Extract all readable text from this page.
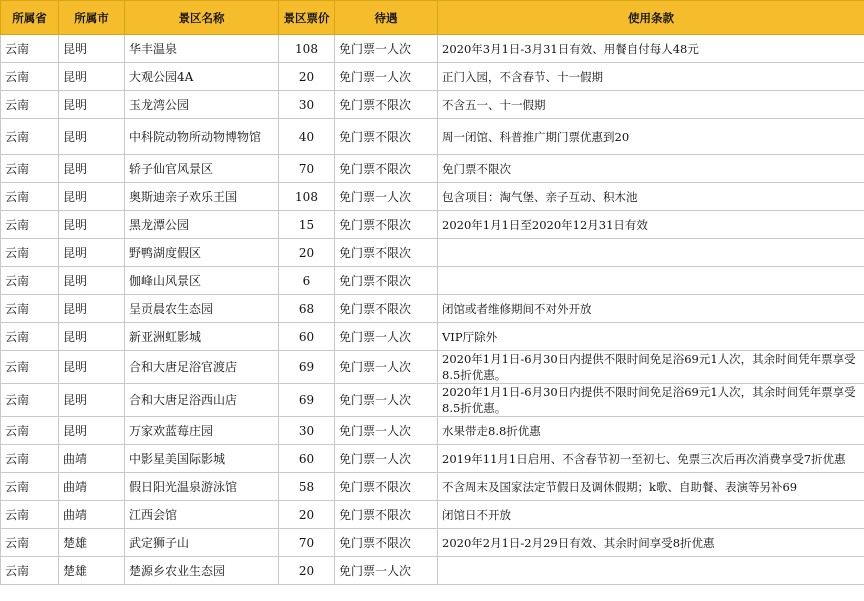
所属省	所属市	景区名称	景区票价	待遇	使用条款
云南	昆明	华丰温泉	108	免门票一人次	2020年3月1日-3月31日有效、用餐自付每人48元
云南	昆明	大观公园4A	20	免门票一人次	正门入园，不含春节、十一假期
云南	昆明	玉龙湾公园	30	免门票不限次	不含五一、十一假期
云南	昆明	中科院动物所动物博物馆	40	免门票不限次	周一闭馆、科普推广期门票优惠到20
云南	昆明	轿子仙官风景区	70	免门票不限次	免门票不限次
云南	昆明	奥斯迪亲子欢乐王国	108	免门票一人次	包含项目：淘气堡、亲子互动、积木池
云南	昆明	黑龙潭公园	15	免门票不限次	2020年1月1日至2020年12月31日有效
云南	昆明	野鸭湖度假区	20	免门票不限次	
云南	昆明	伽峰山风景区	6	免门票不限次	
云南	昆明	呈贡晨农生态园	68	免门票不限次	闭馆或者维修期间不对外开放
云南	昆明	新亚洲虹影城	60	免门票一人次	VIP厅除外
云南	昆明	合和大唐足浴官渡店	69	免门票一人次	2020年1月1日-6月30日内提供不限时间免足浴69元1人次，其余时间凭年票享受8.5折优惠。
云南	昆明	合和大唐足浴西山店	69	免门票一人次	2020年1月1日-6月30日内提供不限时间免足浴69元1人次，其余时间凭年票享受8.5折优惠。
云南	昆明	万家欢蓝莓庄园	30	免门票一人次	水果带走8.8折优惠
云南	曲靖	中影星美国际影城	60	免门票一人次	2019年11月1日启用、不含春节初一至初七、免票三次后再次消费享受7折优惠
云南	曲靖	假日阳光温泉游泳馆	58	免门票不限次	不含周末及国家法定节假日及调休假期；k歌、自助餐、表演等另补69
云南	曲靖	江西会馆	20	免门票不限次	闭馆日不开放
云南	楚雄	武定狮子山	70	免门票不限次	2020年2月1日-2月29日有效、其余时间享受8折优惠
云南	楚雄	楚源乡农业生态园	20	免门票一人次	
